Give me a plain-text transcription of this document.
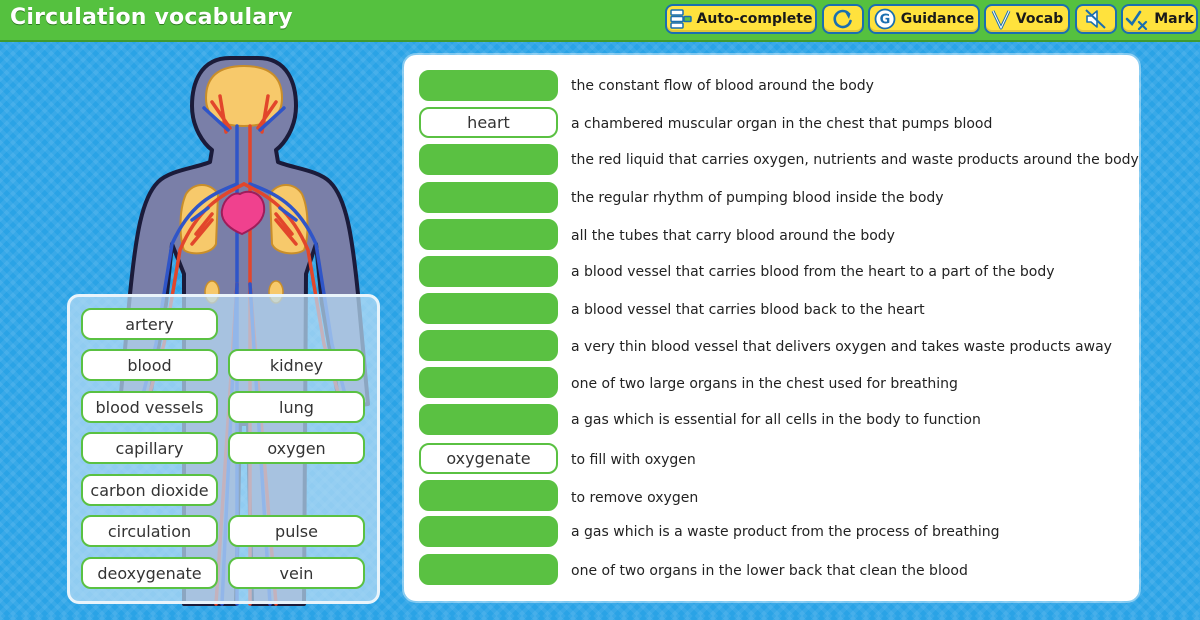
Circulation vocabulary	Auto-complete	G Guidance	Vocab	Mark
artery
blood	kidney
blood vessels	lung
capillary	oxygen
carbon dioxide
circulation	pulse
deoxygenate	vein
the constant flow of blood around the body
heart	a chambered muscular organ in the chest that pumps blood
the red liquid that carries oxygen, nutrients and waste products around the body
the regular rhythm of pumping blood inside the body
all the tubes that carry blood around the body
a blood vessel that carries blood from the heart to a part of the body
a blood vessel that carries blood back to the heart
a very thin blood vessel that delivers oxygen and takes waste products away
one of two large organs in the chest used for breathing
a gas which is essential for all cells in the body to function
oxygenate	to fill with oxygen
to remove oxygen
a gas which is a waste product from the process of breathing
one of two organs in the lower back that clean the blood
